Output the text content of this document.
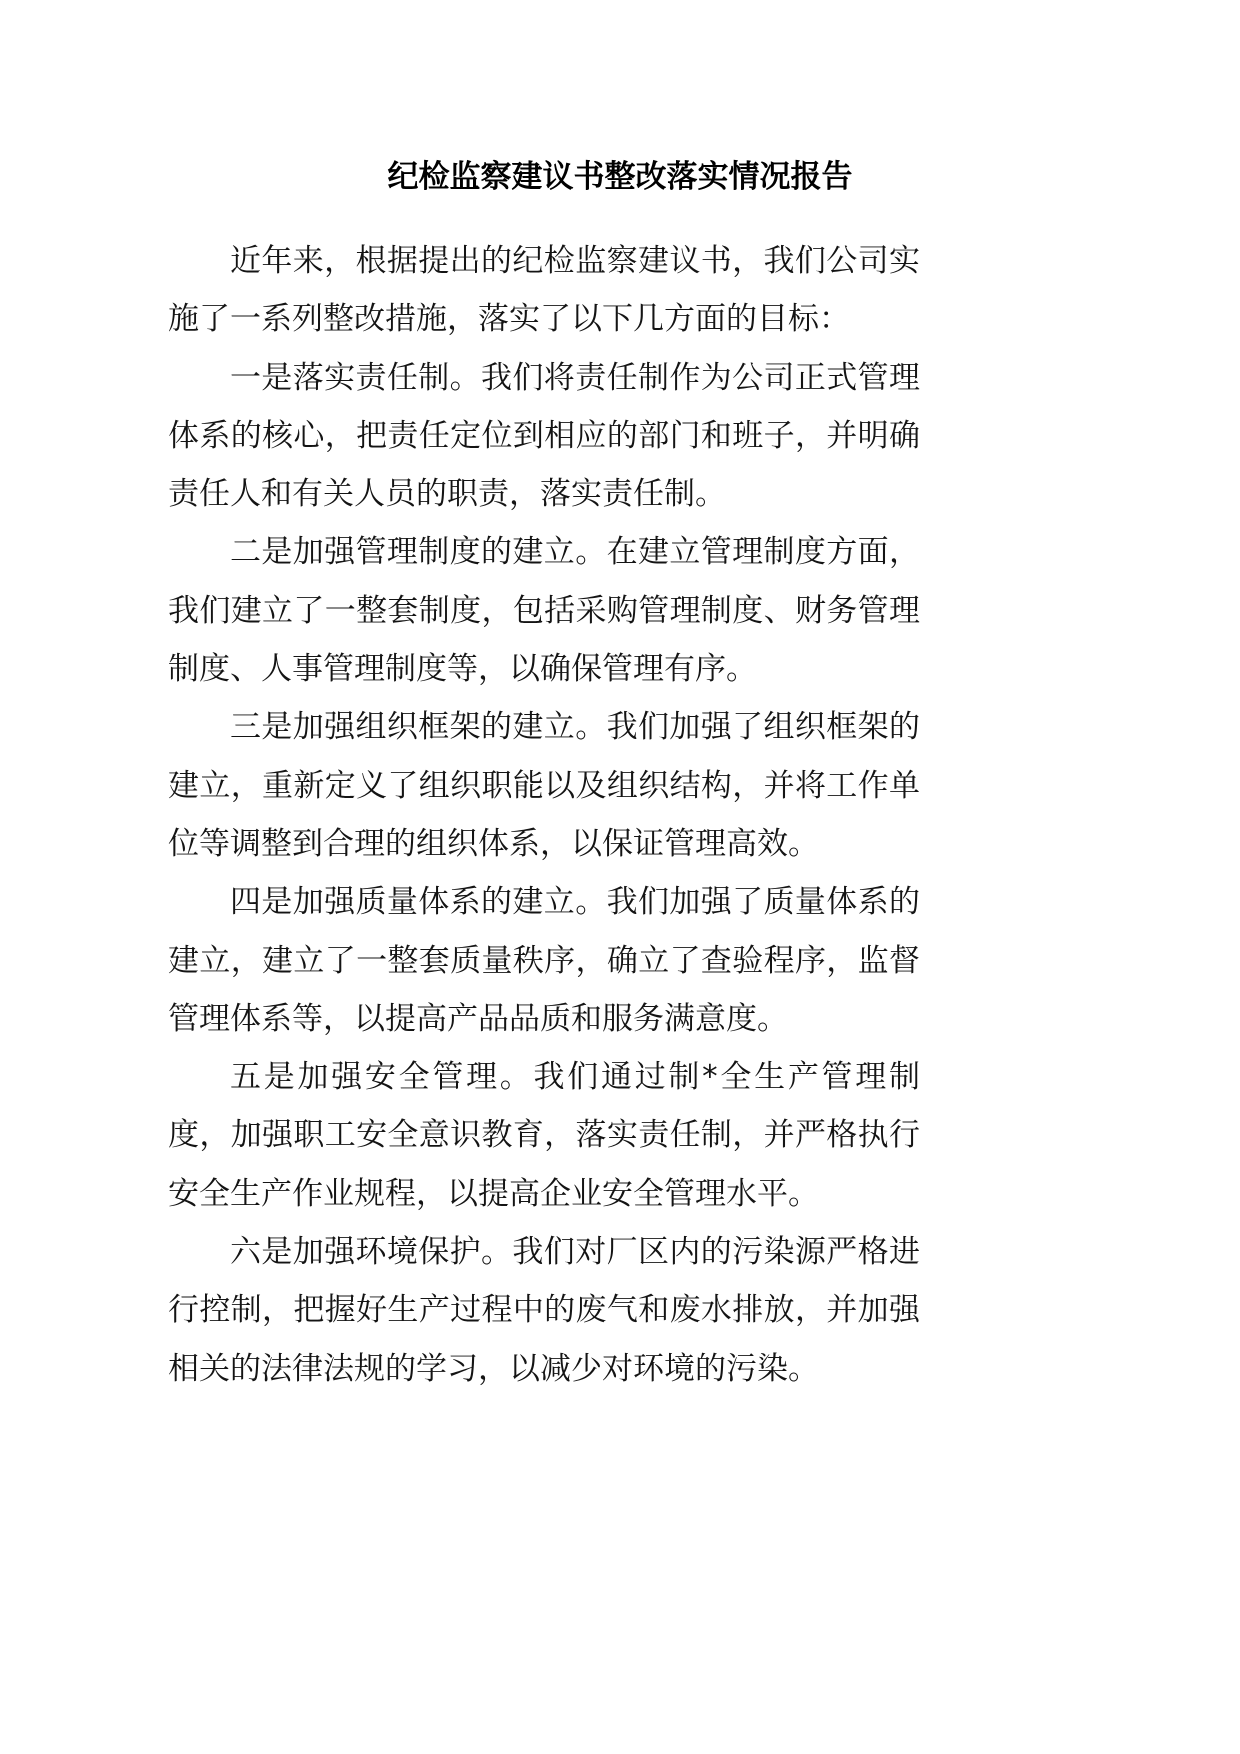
纪检监察建议书整改落实情况报告

近年来，根据提出的纪检监察建议书，我们公司实施了一系列整改措施，落实了以下几方面的目标：

一是落实责任制。我们将责任制作为公司正式管理体系的核心，把责任定位到相应的部门和班子，并明确责任人和有关人员的职责，落实责任制。

二是加强管理制度的建立。在建立管理制度方面，我们建立了一整套制度，包括采购管理制度、财务管理制度、人事管理制度等，以确保管理有序。

三是加强组织框架的建立。我们加强了组织框架的建立，重新定义了组织职能以及组织结构，并将工作单位等调整到合理的组织体系，以保证管理高效。

四是加强质量体系的建立。我们加强了质量体系的建立，建立了一整套质量秩序，确立了查验程序，监督管理体系等，以提高产品品质和服务满意度。

五是加强安全管理。我们通过制*全生产管理制度，加强职工安全意识教育，落实责任制，并严格执行安全生产作业规程，以提高企业安全管理水平。

六是加强环境保护。我们对厂区内的污染源严格进行控制，把握好生产过程中的废气和废水排放，并加强相关的法律法规的学习，以减少对环境的污染。
